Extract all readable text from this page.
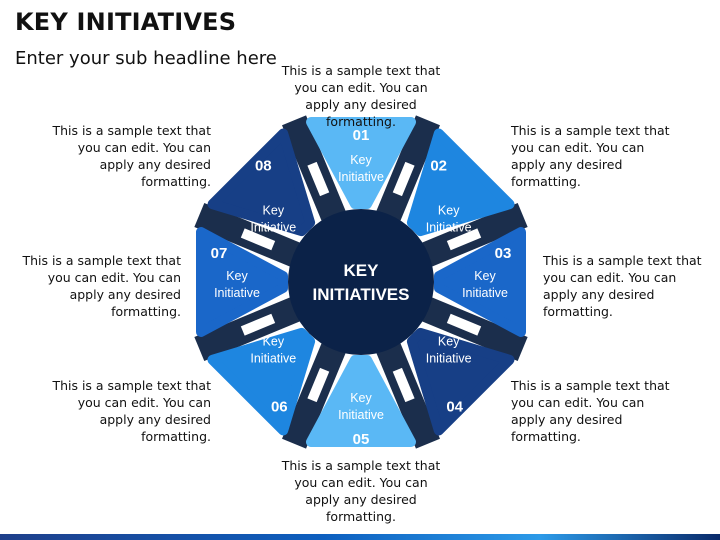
KEY INITIATIVES
Enter your sub headline here
01
Key
Initiative
02
Key
Initiative
03
Key
Initiative
04
Key
Initiative
05
Key
Initiative
06
Key
Initiative
07
Key
Initiative
08
Key
Initiative
KEY
INITIATIVES
This is a sample text that you can edit. You can apply any desired formatting.
This is a sample text that you can edit. You can apply any desired formatting.
This is a sample text that you can edit. You can apply any desired formatting.
This is a sample text that you can edit. You can apply any desired formatting.
This is a sample text that you can edit. You can apply any desired formatting.
This is a sample text that you can edit. You can apply any desired formatting.
This is a sample text that you can edit. You can apply any desired formatting.
This is a sample text that you can edit. You can apply any desired formatting.
